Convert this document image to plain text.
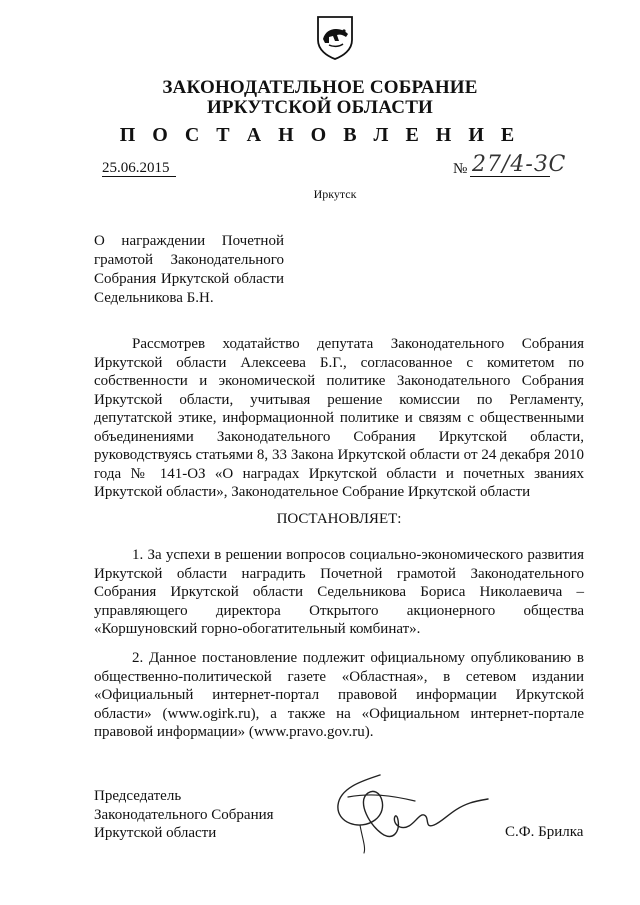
ЗАКОНОДАТЕЛЬНОЕ СОБРАНИЕ
ИРКУТСКОЙ ОБЛАСТИ
П О С Т А Н О В Л Е Н И Е
25.06.2015	№ 27/4-ЗС
Иркутск
О награждении Почетной грамотой Законодательного Собрания Иркутской области Седельникова Б.Н.

Рассмотрев ходатайство депутата Законодательного Собрания Иркутской области Алексеева Б.Г., согласованное с комитетом по собственности и экономической политике Законодательного Собрания Иркутской области, учитывая решение комиссии по Регламенту, депутатской этике, информационной политике и связям с общественными объединениями Законодательного Собрания Иркутской области, руководствуясь статьями 8, 33 Закона Иркутской области от 24 декабря 2010 года № 141-ОЗ «О наградах Иркутской области и почетных званиях Иркутской области», Законодательное Собрание Иркутской области

ПОСТАНОВЛЯЕТ:

1. За успехи в решении вопросов социально-экономического развития Иркутской области наградить Почетной грамотой Законодательного Собрания Иркутской области Седельникова Бориса Николаевича – управляющего директора Открытого акционерного общества «Коршуновский горно-обогатительный комбинат».

2. Данное постановление подлежит официальному опубликованию в общественно-политической газете «Областная», в сетевом издании «Официальный интернет-портал правовой информации Иркутской области» (www.ogirk.ru), а также на «Официальном интернет-портале правовой информации» (www.pravo.gov.ru).

Председатель
Законодательного Собрания
Иркутской области	С.Ф. Брилка
